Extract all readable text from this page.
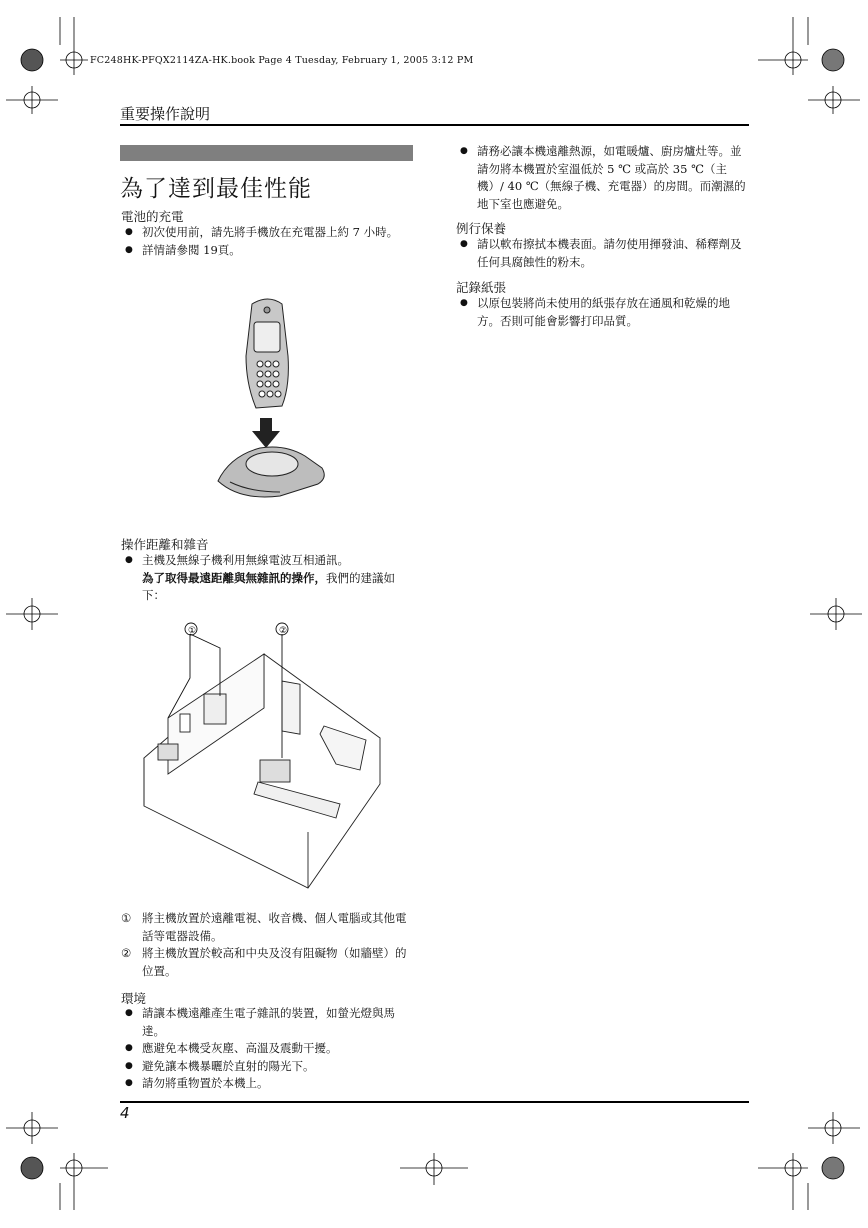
FC248HK-PFQX2114ZA-HK.book Page 4 Tuesday, February 1, 2005 3:12 PM
重要操作說明
為了達到最佳性能
電池的充電
● 初次使用前，請先將手機放在充電器上約 7 小時。
● 詳情請參閱 19頁。
操作距離和雜音
● 主機及無線子機利用無線電波互相通訊。
為了取得最遠距離與無雜訊的操作，我們的建議如下：
①	②
① 將主機放置於遠離電視、收音機、個人電腦或其他電話等電器設備。
② 將主機放置於較高和中央及沒有阻礙物（如牆壁）的位置。
環境
● 請讓本機遠離產生電子雜訊的裝置，如螢光燈與馬達。
● 應避免本機受灰塵、高溫及震動干擾。
● 避免讓本機暴曬於直射的陽光下。
● 請勿將重物置於本機上。
● 請務必讓本機遠離熱源，如電暖爐、廚房爐灶等。並請勿將本機置於室溫低於 5 ℃ 或高於 35 ℃（主機）/ 40 ℃（無線子機、充電器）的房間。而潮濕的地下室也應避免。
例行保養
● 請以軟布擦拭本機表面。請勿使用揮發油、稀釋劑及任何具腐蝕性的粉末。
記錄紙張
● 以原包裝將尚未使用的紙張存放在通風和乾燥的地方。否則可能會影響打印品質。
4
